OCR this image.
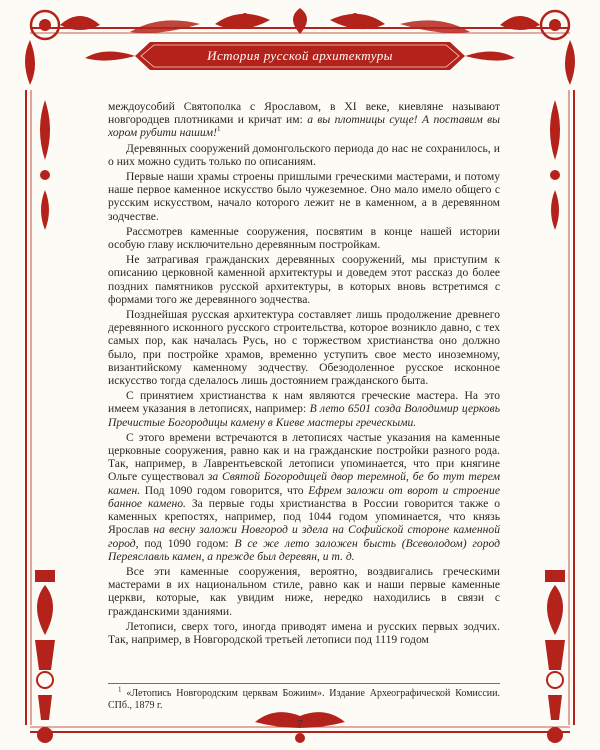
История русской архитектуры

междоусобий Святополка с Ярославом, в XI веке, киевляне называют новгородцев плотниками и кричат им: а вы плотницы суще! А поставим вы хором рубити нашим!$^1$

Деревянных сооружений домонгольского периода до нас не сохранилось, и о них можно судить только по описаниям.

Первые наши храмы строены пришлыми греческими мастерами, и потому наше первое каменное искусство было чужеземное. Оно мало имело общего с русским искусством, начало которого лежит не в каменном, а в деревянном зодчестве.

Рассмотрев каменные сооружения, посвятим в конце нашей истории особую главу исключительно деревянным постройкам.

Не затрагивая гражданских деревянных сооружений, мы приступим к описанию церковной каменной архитектуры и доведем этот рассказ до более поздних памятников русской архитектуры, в которых вновь встретимся с формами того же деревянного зодчества.

Позднейшая русская архитектура составляет лишь продолжение древнего деревянного исконного русского строительства, которое возникло давно, с тех самых пор, как началась Русь, но с торжеством христианства оно должно было, при постройке храмов, временно уступить свое место иноземному, византийскому каменному зодчеству. Обезодоленное русское исконное искусство тогда сделалось лишь достоянием гражданского быта.

С принятием христианства к нам являются греческие мастера. На это имеем указания в летописях, например: В лето 6501 созда Володимир церковь Пречистые Богородицы камену в Киеве мастеры греческыми.

С этого времени встречаются в летописях частые указания на каменные церковные сооружения, равно как и на гражданские постройки разного рода. Так, например, в Лаврентьевской летописи упоминается, что при княгине Ольге существовал за Святой Богородицей двор теремной, бе бо тут терем камен. Под 1090 годом говорится, что Ефрем заложи от ворот и строение банное камено. За первые годы христианства в России говорится также о каменных крепостях, например, под 1044 годом упоминается, что князь Ярослав на весну заложи Новгород и здела на Софийской стороне каменной город, под 1090 годом: В се же лето заложен бысть (Всеволодом) город Переяславль камен, а прежде был деревян, и т. д.

Все эти каменные сооружения, вероятно, воздвигались греческими мастерами в их национальном стиле, равно как и наши первые каменные церкви, которые, как увидим ниже, нередко находились в связи с гражданскими зданиями.

Летописи, сверх того, иногда приводят имена и русских первых зодчих. Так, например, в Новгородской третьей летописи под 1119 годом

$^1$ «Летопись Новгородским церквам Божиим». Издание Археографической Комиссии. СПб., 1879 г.

7
